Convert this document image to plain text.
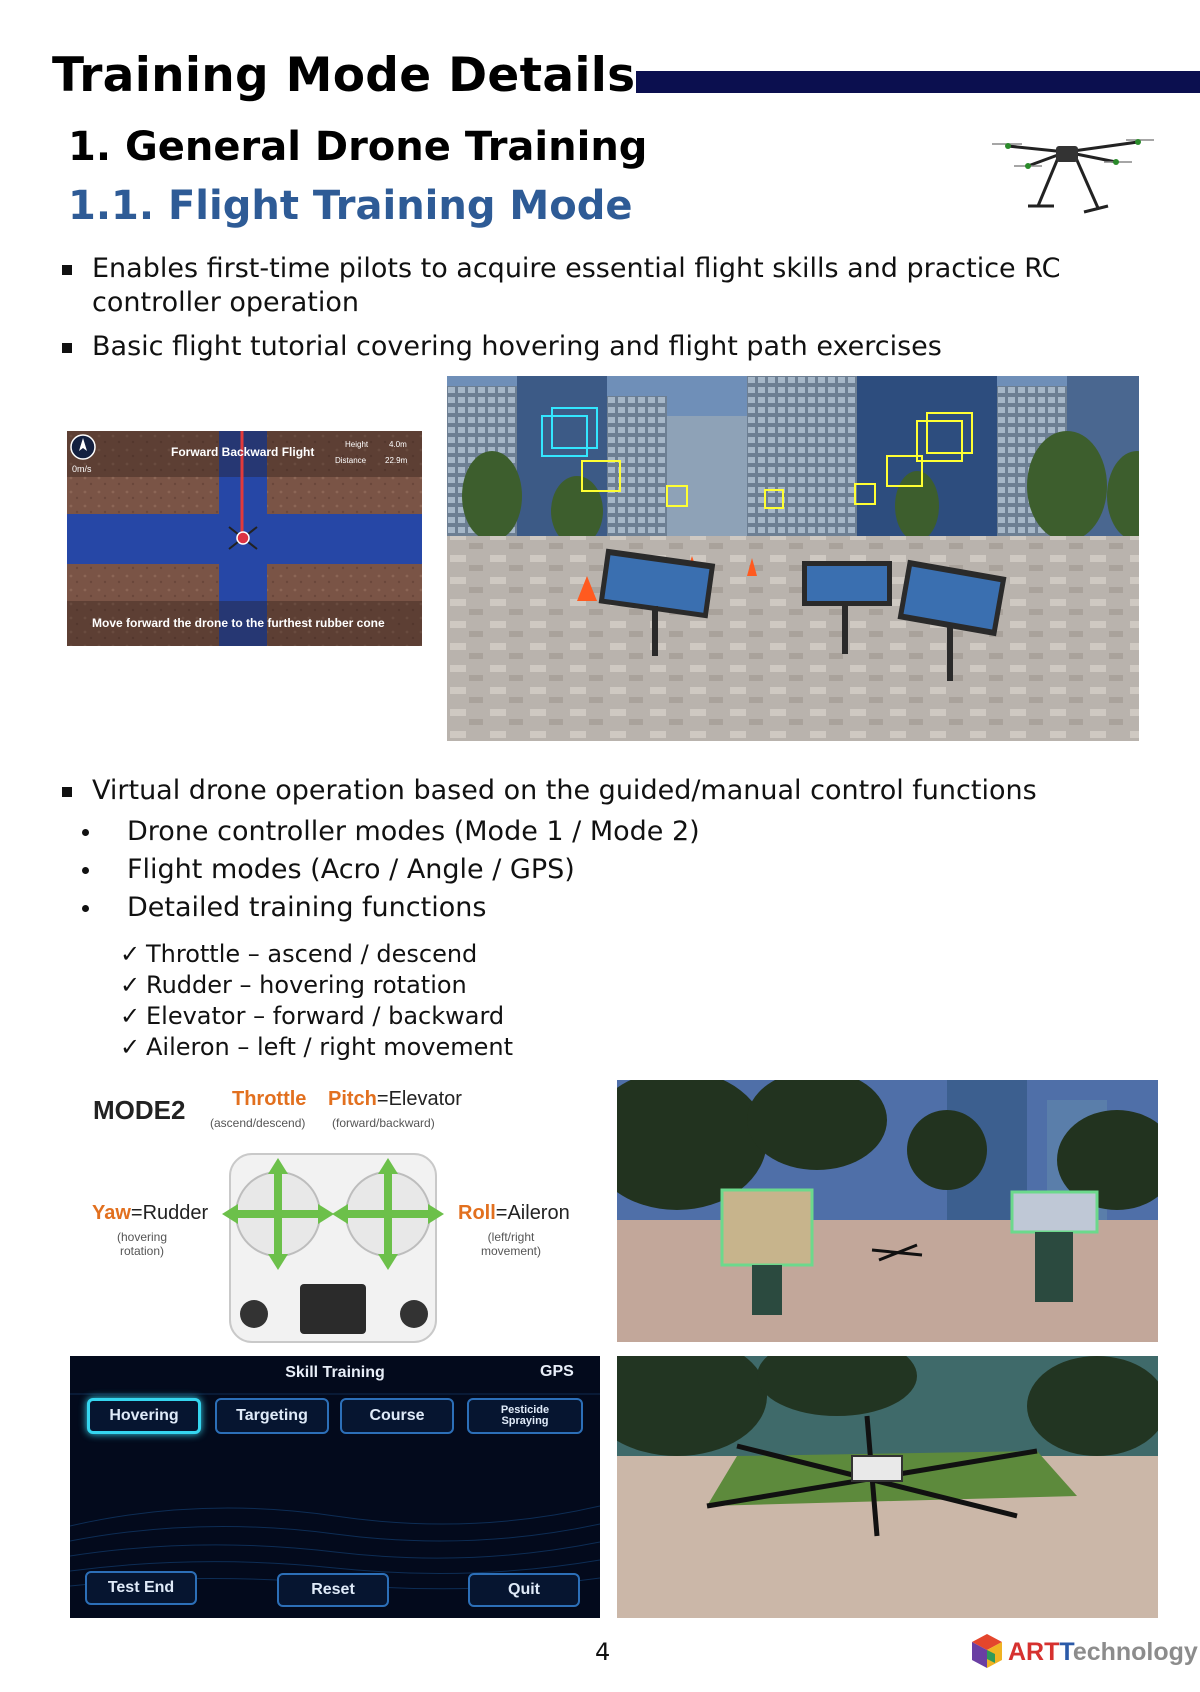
Training Mode Details
1. General Drone Training
1.1. Flight Training Mode
Enables first-time pilots to acquire essential flight skills and practice RC controller operation
Basic flight tutorial covering hovering and flight path exercises
0m/s
Forward Backward Flight
Height	4.0m
Distance 22.9m
Move forward the drone to the furthest rubber cone
Virtual drone operation based on the guided/manual control functions
Drone controller modes (Mode 1 / Mode 2)
Flight modes (Acro / Angle / GPS)
Detailed training functions
✓ Throttle – ascend / descend
✓ Rudder – hovering rotation
✓ Elevator – forward / backward
✓ Aileron – left / right movement
MODE2 Throttle
(ascend/descend)
Pitch=Elevator
(forward/backward)
Yaw=Rudder
(hovering
rotation)
Roll=Aileron
(left/right
movement)
Skill Training	GPS
Hovering	Targeting	Course	Pesticide
Spraying
Test End	Reset	Quit
4	ARTTechnology
